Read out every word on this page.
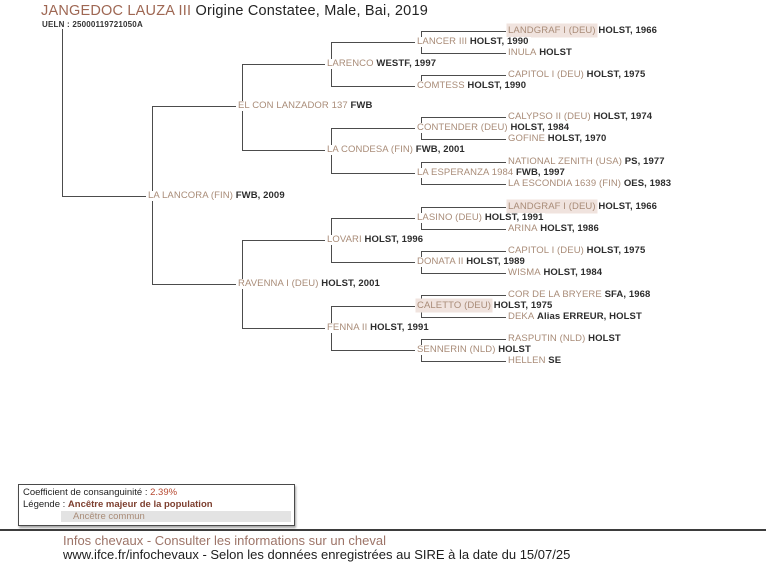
JANGEDOC LAUZA III Origine Constatee, Male, Bai, 2019
UELN : 25000119721050A
LANDGRAF I (DEU) HOLST, 1966
LANCER III HOLST, 1990
INULA HOLST
LARENCO WESTF, 1997
CAPITOL I (DEU) HOLST, 1975
COMTESS HOLST, 1990
EL CON LANZADOR 137 FWB
CALYPSO II (DEU) HOLST, 1974
CONTENDER (DEU) HOLST, 1984
GOFINE HOLST, 1970
LA CONDESA (FIN) FWB, 2001
NATIONAL ZENITH (USA) PS, 1977
LA ESPERANZA 1984 FWB, 1997
LA ESCONDIA 1639 (FIN) OES, 1983
LA LANCORA (FIN) FWB, 2009
LANDGRAF I (DEU) HOLST, 1966
LASINO (DEU) HOLST, 1991
ARINA HOLST, 1986
LOVARI HOLST, 1996
CAPITOL I (DEU) HOLST, 1975
DONATA II HOLST, 1989
WISMA HOLST, 1984
RAVENNA I (DEU) HOLST, 2001
COR DE LA BRYERE SFA, 1968
CALETTO (DEU) HOLST, 1975
DEKA Alias ERREUR, HOLST
FENNA II HOLST, 1991
RASPUTIN (NLD) HOLST
SENNERIN (NLD) HOLST
HELLEN SE
Coefficient de consanguinité : 2.39%
Légende : Ancêtre majeur de la population
Ancêtre commun
Infos chevaux - Consulter les informations sur un cheval
www.ifce.fr/infochevaux - Selon les données enregistrées au SIRE à la date du 15/07/25
